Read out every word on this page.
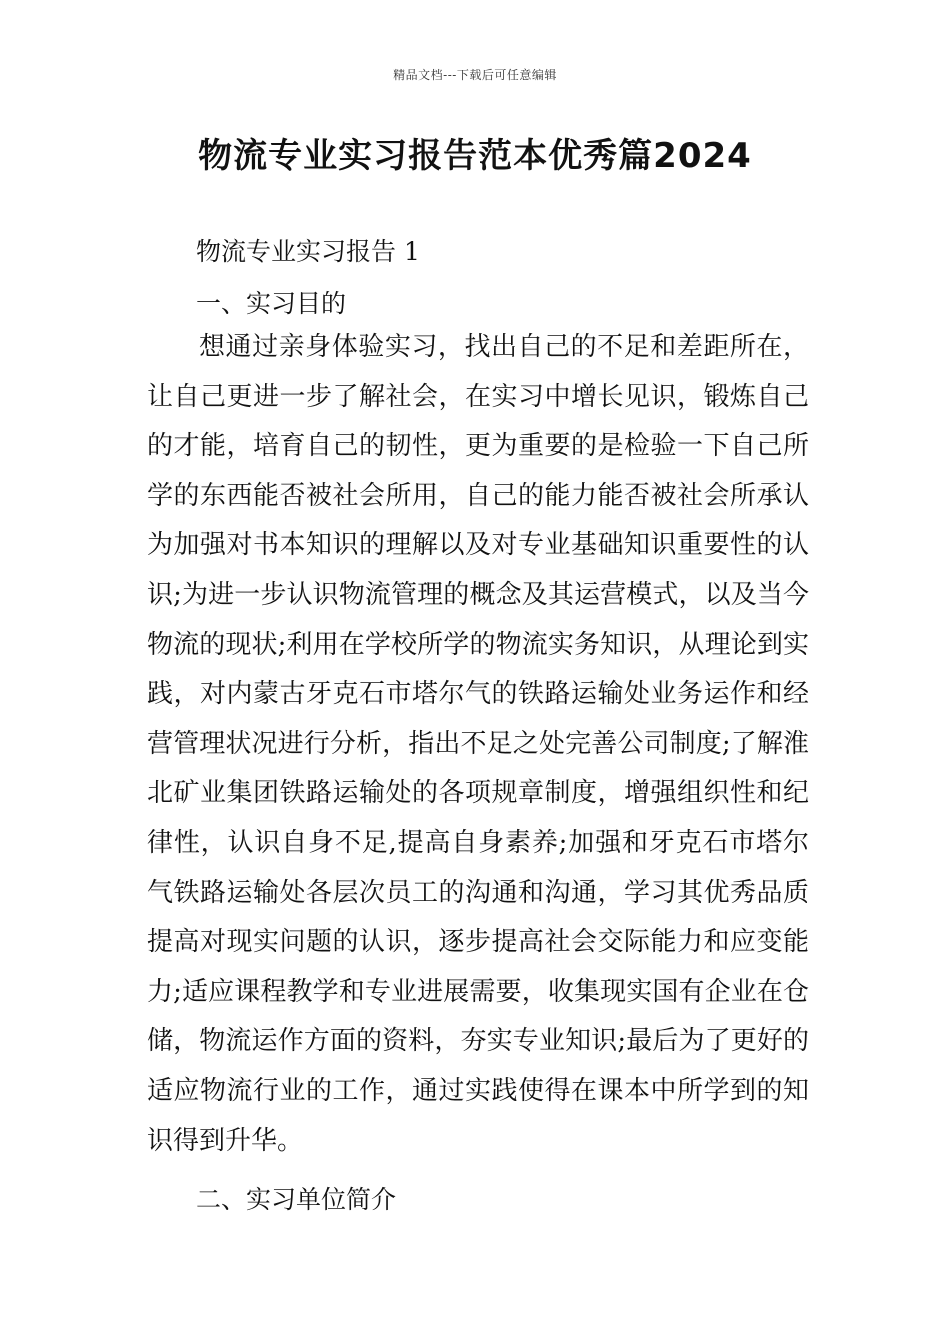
精品文档---下载后可任意编辑
物流专业实习报告范本优秀篇2024
物流专业实习报告 1
一、实习目的
想通过亲身体验实习，找出自己的不足和差距所在，
让自己更进一步了解社会，在实习中增长见识，锻炼自己
的才能，培育自己的韧性，更为重要的是检验一下自己所
学的东西能否被社会所用，自己的能力能否被社会所承认
为加强对书本知识的理解以及对专业基础知识重要性的认
识;为进一步认识物流管理的概念及其运营模式，以及当今
物流的现状;利用在学校所学的物流实务知识，从理论到实
践，对内蒙古牙克石市塔尔气的铁路运输处业务运作和经
营管理状况进行分析，指出不足之处完善公司制度;了解淮
北矿业集团铁路运输处的各项规章制度，增强组织性和纪
律性，认识自身不足,提高自身素养;加强和牙克石市塔尔
气铁路运输处各层次员工的沟通和沟通，学习其优秀品质
提高对现实问题的认识，逐步提高社会交际能力和应变能
力;适应课程教学和专业进展需要，收集现实国有企业在仓
储，物流运作方面的资料，夯实专业知识;最后为了更好的
适应物流行业的工作，通过实践使得在课本中所学到的知
识得到升华。
二、实习单位简介
